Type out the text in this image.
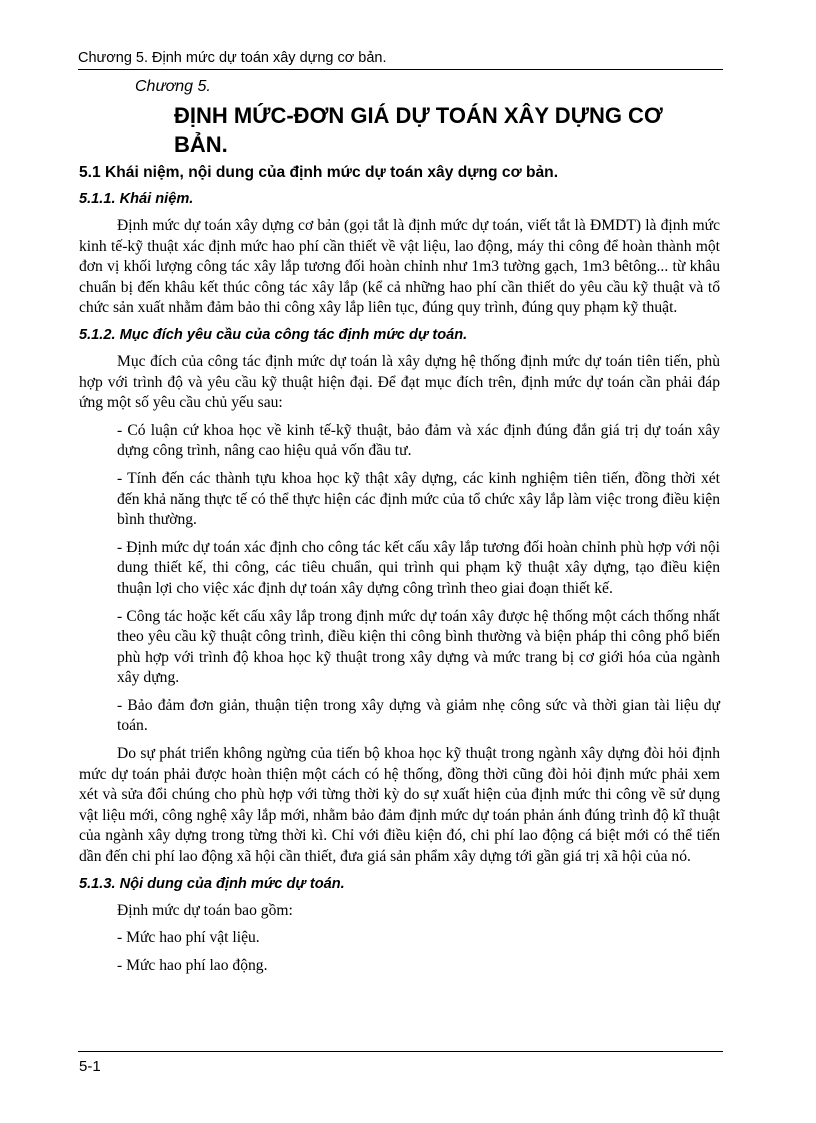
Chương 5. Định mức dự toán xây dựng cơ bản.
Chương 5.
ĐỊNH MỨC-ĐƠN GIÁ DỰ TOÁN XÂY DỰNG CƠ BẢN.
5.1 Khái niệm, nội dung của định mức dự toán xây dựng cơ bản.
5.1.1. Khái niệm.
Định mức dự toán xây dựng cơ bản (gọi tắt là định mức dự toán, viết tắt là ĐMDT) là định mức kinh tế-kỹ thuật xác định mức hao phí cần thiết về vật liệu, lao động, máy thi công để hoàn thành một đơn vị khối lượng công tác xây lắp tương đối hoàn chỉnh như 1m3 tường gạch, 1m3 bêtông... từ khâu chuẩn bị đến khâu kết thúc công tác xây lắp (kể cả những hao phí cần thiết do yêu cầu kỹ thuật và tổ chức sản xuất nhằm đảm bảo thi công xây lắp liên tục, đúng quy trình, đúng quy phạm kỹ thuật.
5.1.2. Mục đích yêu cầu của công tác định mức dự toán.
Mục đích của công tác định mức dự toán là xây dựng hệ thống định mức dự toán tiên tiến, phù hợp với trình độ và yêu cầu kỹ thuật hiện đại. Để đạt mục đích trên, định mức dự toán cần phải đáp ứng một số yêu cầu chủ yếu sau:
- Có luận cứ khoa học về kinh tế-kỹ thuật, bảo đảm và xác định đúng đắn giá trị dự toán xây dựng công trình, nâng cao hiệu quả vốn đầu tư.
- Tính đến các thành tựu khoa học kỹ thật xây dựng, các kinh nghiệm tiên tiến, đồng thời xét đến khả năng thực tế có thể thực hiện các định mức của tổ chức xây lắp làm việc trong điều kiện bình thường.
- Định mức dự toán xác định cho công tác kết cấu xây lắp tương đối hoàn chỉnh phù hợp với nội dung thiết kế, thi công, các tiêu chuẩn, qui trình qui phạm kỹ thuật xây dựng, tạo điều kiện thuận lợi cho việc xác định dự toán xây dựng công trình theo giai đoạn thiết kế.
- Công tác hoặc kết cấu xây lắp trong định mức dự toán xây được hệ thống một cách thống nhất theo yêu cầu kỹ thuật công trình, điều kiện thi công bình thường và biện pháp thi công phổ biến phù hợp với trình độ khoa học kỹ thuật trong xây dựng và mức trang bị cơ giới hóa của ngành xây dựng.
- Bảo đảm đơn giản, thuận tiện trong xây dựng và giảm nhẹ công sức và thời gian tài liệu dự toán.
Do sự phát triển không ngừng của tiến bộ khoa học kỹ thuật trong ngành xây dựng đòi hỏi định mức dự toán phải được hoàn thiện một cách có hệ thống, đồng thời cũng đòi hỏi định mức phải xem xét và sửa đổi chúng cho phù hợp với từng thời kỳ do sự xuất hiện của định mức thi công về sử dụng vật liệu mới, công nghệ xây lắp mới, nhằm bảo đảm định mức dự toán phản ánh đúng trình độ kĩ thuật của ngành xây dựng trong từng thời kì. Chỉ với điều kiện đó, chi phí lao động cá biệt mới có thể tiến dần đến chi phí lao động xã hội cần thiết, đưa giá sản phẩm xây dựng tới gần giá trị xã hội của nó.
5.1.3. Nội dung của định mức dự toán.
Định mức dự toán bao gồm:
- Mức hao phí vật liệu.
- Mức hao phí lao động.
5-1
